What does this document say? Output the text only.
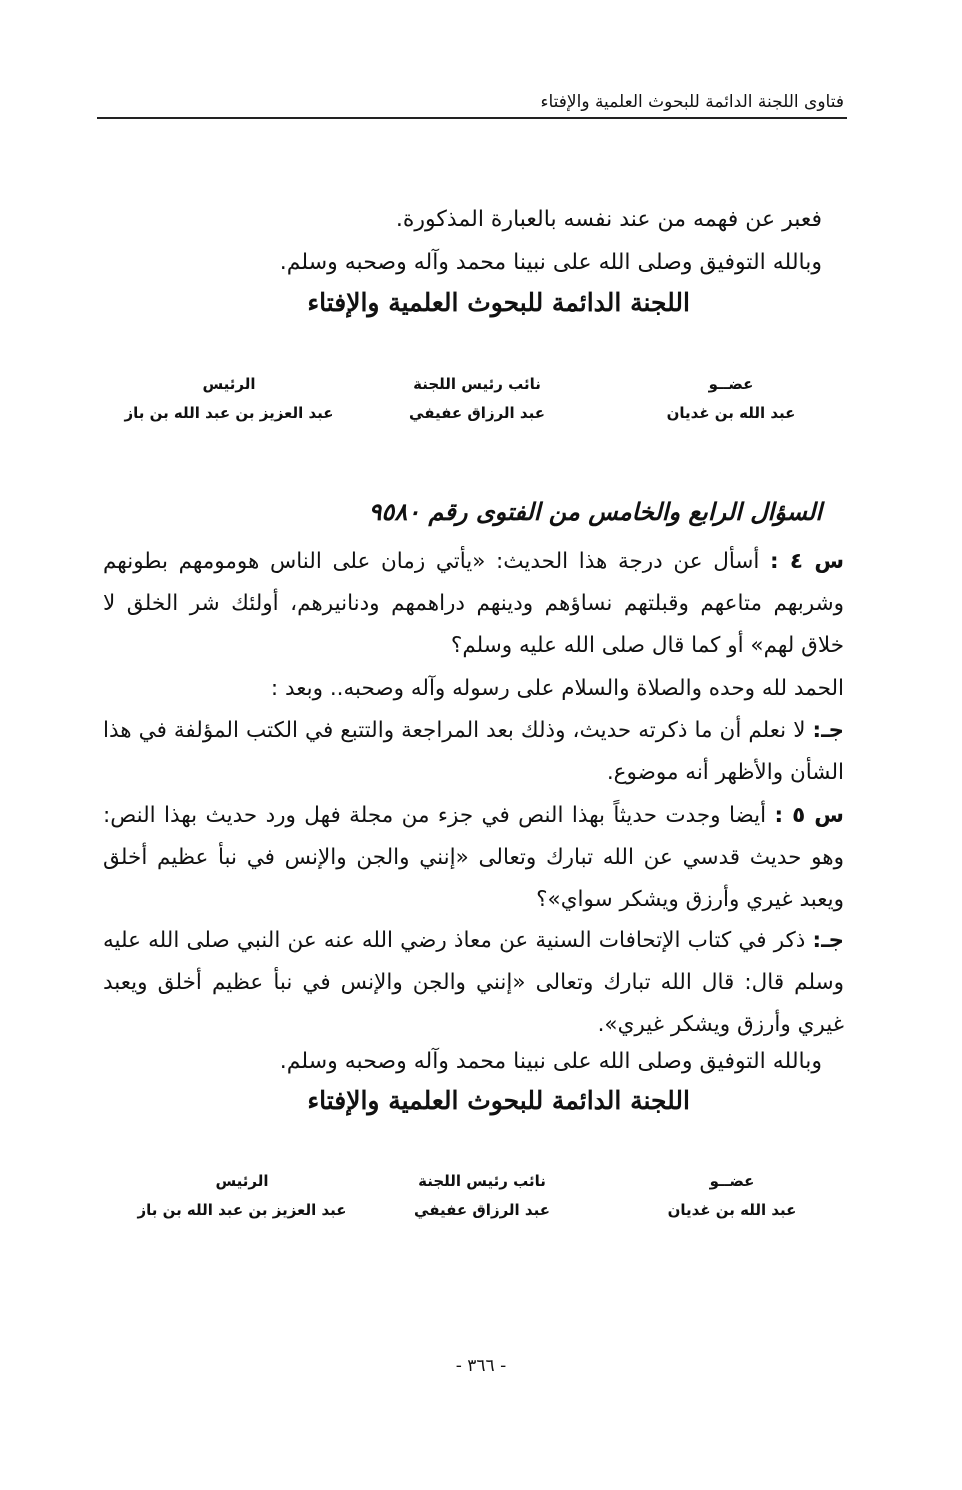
فتاوى اللجنة الدائمة للبحوث العلمية والإفتاء
فعبر عن فهمه من عند نفسه بالعبارة المذكورة.
وبالله التوفيق وصلى الله على نبينا محمد وآله وصحبه وسلم.
اللجنة الدائمة للبحوث العلمية والإفتاء
عضــو
عبد الله بن غديان
نائب رئيس اللجنة
عبد الرزاق عفيفي
الرئيس
عبد العزيز بن عبد الله بن باز
السؤال الرابع والخامس من الفتوى رقم ٩٥٨٠
س ٤ : أسأل عن درجة هذا الحديث: «يأتي زمان على الناس هومومهم بطونهم وشربهم متاعهم وقبلتهم نساؤهم ودينهم دراهمهم ودنانيرهم، أولئك شر الخلق لا خلاق لهم» أو كما قال صلى الله عليه وسلم؟
الحمد لله وحده والصلاة والسلام على رسوله وآله وصحبه.. وبعد :
جـ: لا نعلم أن ما ذكرته حديث، وذلك بعد المراجعة والتتبع في الكتب المؤلفة في هذا الشأن والأظهر أنه موضوع.
س ٥ : أيضا وجدت حديثاً بهذا النص في جزء من مجلة فهل ورد حديث بهذا النص: وهو حديث قدسي عن الله تبارك وتعالى «إنني والجن والإنس في نبأ عظيم أخلق ويعبد غيري وأرزق ويشكر سواي»؟
جـ: ذكر في كتاب الإتحافات السنية عن معاذ رضي الله عنه عن النبي صلى الله عليه وسلم قال: قال الله تبارك وتعالى «إنني والجن والإنس في نبأ عظيم أخلق ويعبد غيري وأرزق ويشكر غيري».
وبالله التوفيق وصلى الله على نبينا محمد وآله وصحبه وسلم.
اللجنة الدائمة للبحوث العلمية والإفتاء
عضــو
عبد الله بن غديان
نائب رئيس اللجنة
عبد الرزاق عفيفي
الرئيس
عبد العزيز بن عبد الله بن باز
- ٣٦٦ -
